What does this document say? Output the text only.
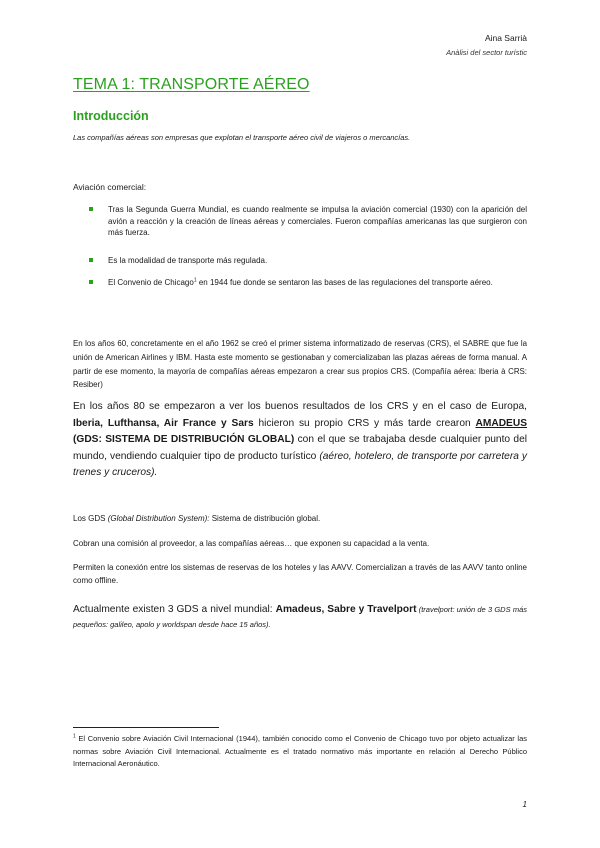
Aina Sarrià
Anàlisi del sector turístic
TEMA 1: TRANSPORTE AÉREO
Introducción
Las compañías aéreas son empresas que explotan el transporte aéreo civil de viajeros o mercancías.
Aviación comercial:
Tras la Segunda Guerra Mundial, es cuando realmente se impulsa la aviación comercial (1930) con la aparición del avión a reacción y la creación de líneas aéreas y comerciales. Fueron compañías americanas las que surgieron con más fuerza.
Es la modalidad de transporte más regulada.
El Convenio de Chicago$^1$ en 1944 fue donde se sentaron las bases de las regulaciones del transporte aéreo.
En los años 60, concretamente en el año 1962 se creó el primer sistema informatizado de reservas (CRS), el SABRE que fue la unión de American Airlines y IBM. Hasta este momento se gestionaban y comercializaban las plazas aéreas de forma manual. A partir de ese momento, la mayoría de compañías aéreas empezaron a crear sus propios CRS. (Compañía aérea: Iberia à CRS: Resiber)
En los años 80 se empezaron a ver los buenos resultados de los CRS y en el caso de Europa, Iberia, Lufthansa, Air France y Sars hicieron su propio CRS y más tarde crearon AMADEUS (GDS: SISTEMA DE DISTRIBUCIÓN GLOBAL) con el que se trabajaba desde cualquier punto del mundo, vendiendo cualquier tipo de producto turístico (aéreo, hotelero, de transporte por carretera y trenes y cruceros).
Los GDS (Global Distribution System): Sistema de distribución global.
Cobran una comisión al proveedor, a las compañías aéreas… que exponen su capacidad a la venta.
Permiten la conexión entre los sistemas de reservas de los hoteles y las AAVV. Comercializan a través de las AAVV tanto online como offline.
Actualmente existen 3 GDS a nivel mundial: Amadeus, Sabre y Travelport (travelport: unión de 3 GDS más pequeños: galileo, apolo y worldspan desde hace 15 años).
$^1$ El Convenio sobre Aviación Civil Internacional (1944), también conocido como el Convenio de Chicago tuvo por objeto actualizar las normas sobre Aviación Civil Internacional. Actualmente es el tratado normativo más importante en relación al Derecho Público Internacional Aeronáutico.
1
